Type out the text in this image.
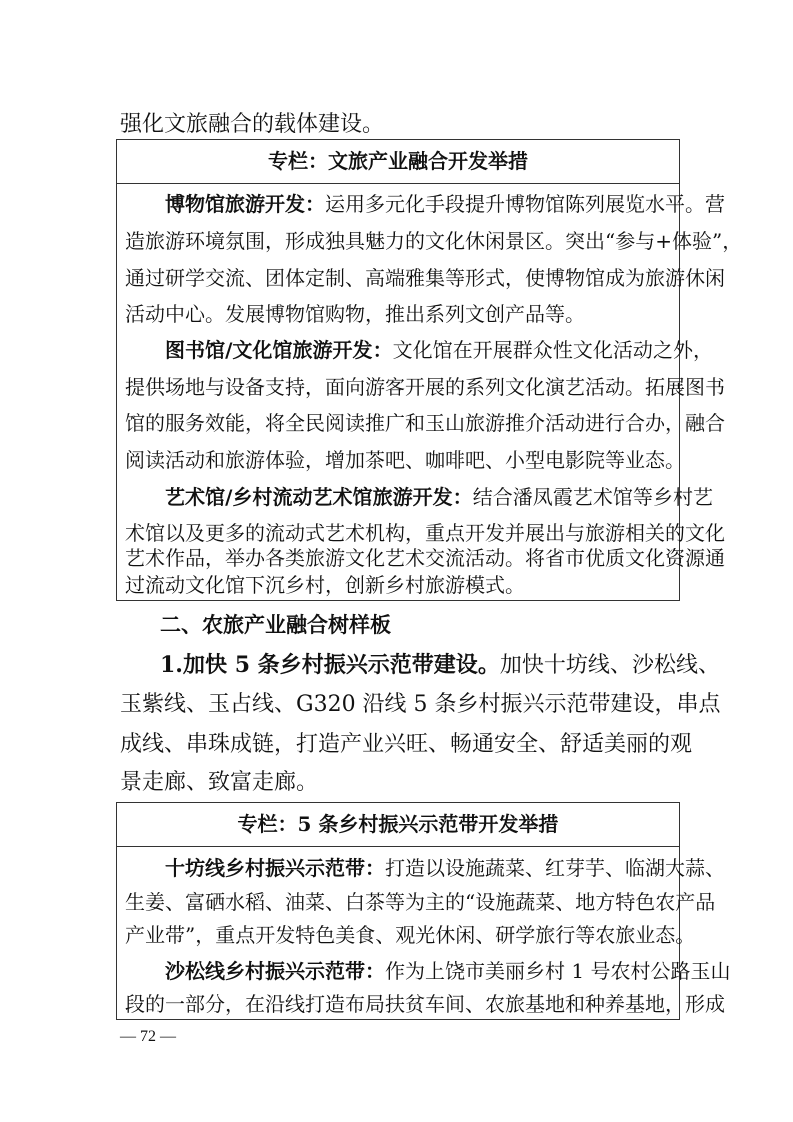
强化文旅融合的载体建设。
专栏：文旅产业融合开发举措
博物馆旅游开发：运用多元化手段提升博物馆陈列展览水平。营
造旅游环境氛围，形成独具魅力的文化休闲景区。突出“参与+体验”，
通过研学交流、团体定制、高端雅集等形式，使博物馆成为旅游休闲
活动中心。发展博物馆购物，推出系列文创产品等。
图书馆/文化馆旅游开发：文化馆在开展群众性文化活动之外，
提供场地与设备支持，面向游客开展的系列文化演艺活动。拓展图书
馆的服务效能，将全民阅读推广和玉山旅游推介活动进行合办，融合
阅读活动和旅游体验，增加茶吧、咖啡吧、小型电影院等业态。
艺术馆/乡村流动艺术馆旅游开发：结合潘凤霞艺术馆等乡村艺
术馆以及更多的流动式艺术机构，重点开发并展出与旅游相关的文化
艺术作品，举办各类旅游文化艺术交流活动。将省市优质文化资源通
过流动文化馆下沉乡村，创新乡村旅游模式。
二、农旅产业融合树样板
1.加快 5 条乡村振兴示范带建设。加快十坊线、沙松线、
玉紫线、玉占线、G320 沿线 5 条乡村振兴示范带建设，串点
成线、串珠成链，打造产业兴旺、畅通安全、舒适美丽的观
景走廊、致富走廊。
专栏：5 条乡村振兴示范带开发举措
十坊线乡村振兴示范带：打造以设施蔬菜、红芽芋、临湖大蒜、
生姜、富硒水稻、油菜、白茶等为主的“设施蔬菜、地方特色农产品
产业带”，重点开发特色美食、观光休闲、研学旅行等农旅业态。
沙松线乡村振兴示范带：作为上饶市美丽乡村 1 号农村公路玉山
段的一部分，在沿线打造布局扶贫车间、农旅基地和种养基地，形成
— 72 —
